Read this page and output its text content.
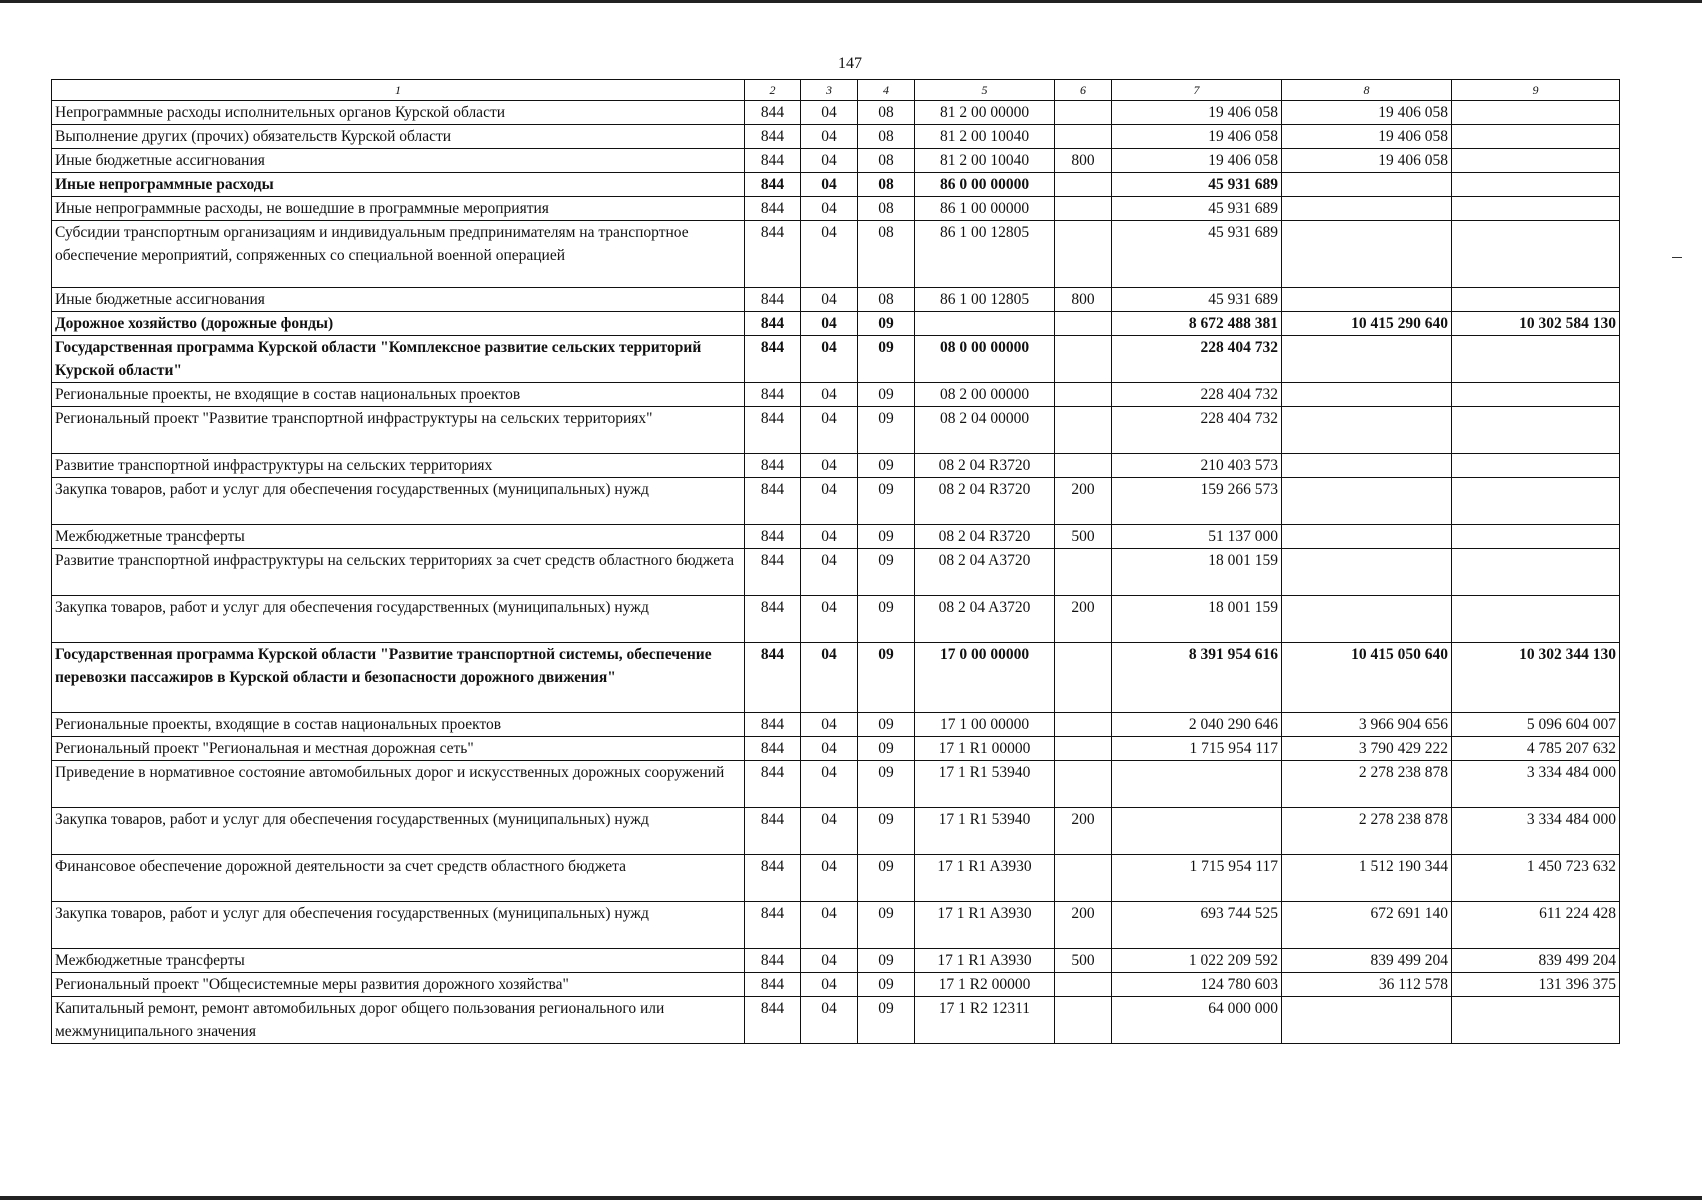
147
1	2	3	4	5	6	7	8	9
Непрограммные расходы исполнительных органов Курской области	844	04	08	81 2 00 00000		19 406 058	19 406 058	
Выполнение других (прочих) обязательств Курской области	844	04	08	81 2 00 10040		19 406 058	19 406 058	
Иные бюджетные ассигнования	844	04	08	81 2 00 10040	800	19 406 058	19 406 058	
Иные непрограммные расходы	844	04	08	86 0 00 00000		45 931 689		
Иные непрограммные расходы, не вошедшие в программные мероприятия	844	04	08	86 1 00 00000		45 931 689		
Субсидии транспортным организациям и индивидуальным предпринимателям на транспортное обеспечение мероприятий, сопряженных со специальной военной операцией	844	04	08	86 1 00 12805		45 931 689		
Иные бюджетные ассигнования	844	04	08	86 1 00 12805	800	45 931 689		
Дорожное хозяйство (дорожные фонды)	844	04	09			8 672 488 381	10 415 290 640	10 302 584 130
Государственная программа Курской области "Комплексное развитие сельских территорий Курской области"	844	04	09	08 0 00 00000		228 404 732		
Региональные проекты, не входящие в состав национальных проектов	844	04	09	08 2 00 00000		228 404 732		
Региональный проект "Развитие транспортной инфраструктуры на сельских территориях"	844	04	09	08 2 04 00000		228 404 732		
Развитие транспортной инфраструктуры на сельских территориях	844	04	09	08 2 04 R3720		210 403 573		
Закупка товаров, работ и услуг для обеспечения государственных (муниципальных) нужд	844	04	09	08 2 04 R3720	200	159 266 573		
Межбюджетные трансферты	844	04	09	08 2 04 R3720	500	51 137 000		
Развитие транспортной инфраструктуры на сельских территориях за счет средств областного бюджета	844	04	09	08 2 04 A3720		18 001 159		
Закупка товаров, работ и услуг для обеспечения государственных (муниципальных) нужд	844	04	09	08 2 04 A3720	200	18 001 159		
Государственная программа Курской области "Развитие транспортной системы, обеспечение перевозки пассажиров в Курской области и безопасности дорожного движения"	844	04	09	17 0 00 00000		8 391 954 616	10 415 050 640	10 302 344 130
Региональные проекты, входящие в состав национальных проектов	844	04	09	17 1 00 00000		2 040 290 646	3 966 904 656	5 096 604 007
Региональный проект "Региональная и местная дорожная сеть"	844	04	09	17 1 R1 00000		1 715 954 117	3 790 429 222	4 785 207 632
Приведение в нормативное состояние автомобильных дорог и искусственных дорожных сооружений	844	04	09	17 1 R1 53940			2 278 238 878	3 334 484 000
Закупка товаров, работ и услуг для обеспечения государственных (муниципальных) нужд	844	04	09	17 1 R1 53940	200		2 278 238 878	3 334 484 000
Финансовое обеспечение дорожной деятельности за счет средств областного бюджета	844	04	09	17 1 R1 A3930		1 715 954 117	1 512 190 344	1 450 723 632
Закупка товаров, работ и услуг для обеспечения государственных (муниципальных) нужд	844	04	09	17 1 R1 A3930	200	693 744 525	672 691 140	611 224 428
Межбюджетные трансферты	844	04	09	17 1 R1 A3930	500	1 022 209 592	839 499 204	839 499 204
Региональный проект "Общесистемные меры развития дорожного хозяйства"	844	04	09	17 1 R2 00000		124 780 603	36 112 578	131 396 375
Капитальный ремонт, ремонт автомобильных дорог общего пользования регионального или межмуниципального значения	844	04	09	17 1 R2 12311		64 000 000		
